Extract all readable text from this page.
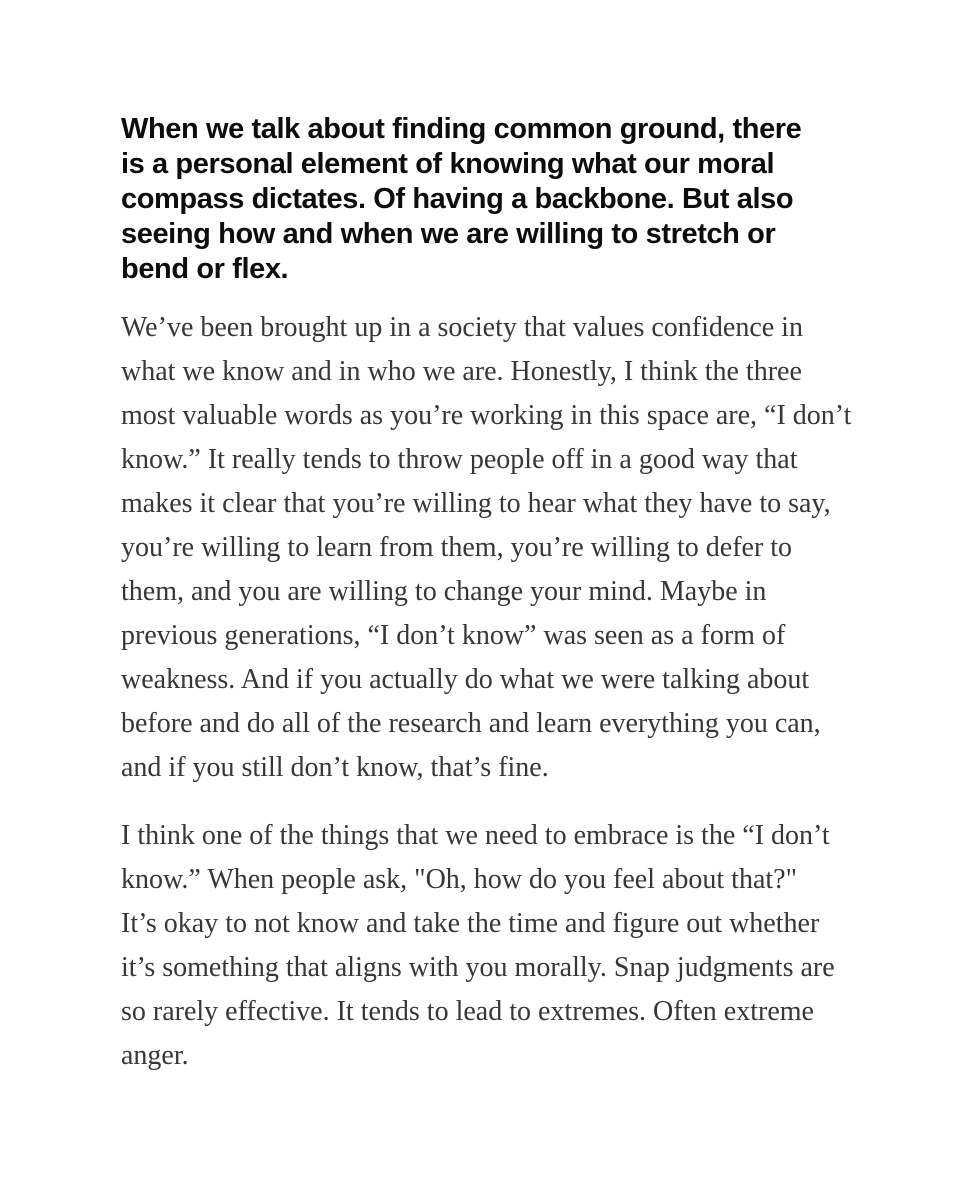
When we talk about finding common ground, there
is a personal element of knowing what our moral
compass dictates. Of having a backbone. But also
seeing how and when we are willing to stretch or
bend or flex.
We’ve been brought up in a society that values confidence in
what we know and in who we are. Honestly, I think the three
most valuable words as you’re working in this space are, “I don’t
know.” It really tends to throw people off in a good way that
makes it clear that you’re willing to hear what they have to say,
you’re willing to learn from them, you’re willing to defer to
them, and you are willing to change your mind. Maybe in
previous generations, “I don’t know” was seen as a form of
weakness. And if you actually do what we were talking about
before and do all of the research and learn everything you can,
and if you still don’t know, that’s fine.
I think one of the things that we need to embrace is the “I don’t
know.” When people ask, "Oh, how do you feel about that?"
It’s okay to not know and take the time and figure out whether
it’s something that aligns with you morally. Snap judgments are
so rarely effective. It tends to lead to extremes. Often extreme
anger.
